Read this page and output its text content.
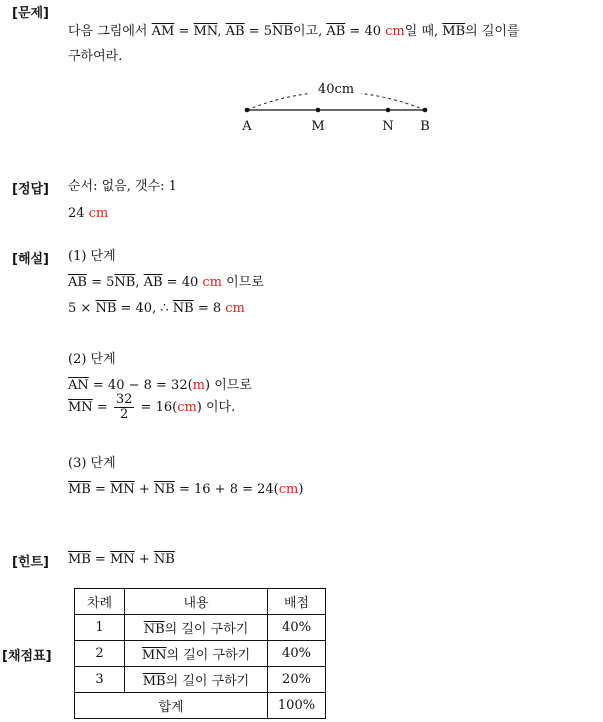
[문제]
[정답]
[해설]
[힌트]
[채점표]
다음 그림에서 $\overline{AM} = \overline{MN}$, $\overline{AB} = 5\overline{NB}$이고, $\overline{AB} = 40$ cm일 때, $\overline{MB}$의 길이를
구하여라.
40cm
A	M	N B
순서: 없음, 갯수: 1
24 cm
(1) 단계
$\overline{AB} = 5\overline{NB}$, $\overline{AB} = 40$ cm 이므로
$5 \times \overline{NB} = 40$, ∴ $\overline{NB} = 8$ cm
(2) 단계
$\overline{AN} = 40 - 8 = 32(m)$ 이므로
$\overline{MN} = \frac{32}{2} = 16(cm)$ 이다.
(3) 단계
$\overline{MB} = \overline{MN} + \overline{NB} = 16 + 8 = 24(cm)$
$\overline{MB} = \overline{MN} + \overline{NB}$
차례	내용	배점
1	$\overline{NB}$의 길이 구하기	40%
2	$\overline{MN}$의 길이 구하기	40%
3	$\overline{MB}$의 길이 구하기	20%
합계		100%
